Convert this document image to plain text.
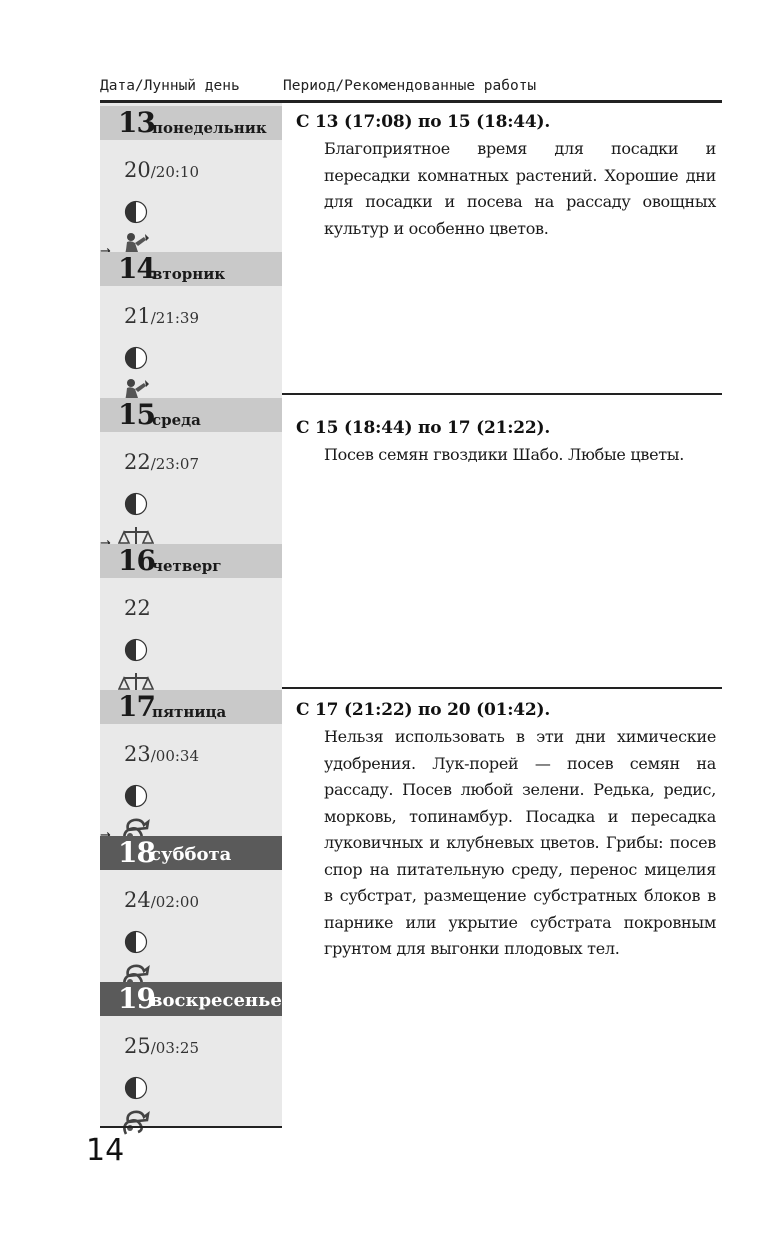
Дата/Лунный день	Период/Рекомендованные работы
13
понедельник
20/20:10
14
вторник
21/21:39
15
среда
22/23:07
16
четверг
22
17
пятница
23/00:34
18
суббота
24/02:00
19
воскресенье
25/03:25

С 13 (17:08) по 15 (18:44).

Благоприятное время для посадки и пересадки комнатных растений. Хорошие дни для посадки и посева на рассаду овощных культур и особенно цветов.

С 15 (18:44) по 17 (21:22).

Посев семян гвоздики Шабо. Любые цветы.

С 17 (21:22) по 20 (01:42).

Нельзя использовать в эти дни химические удобрения. Лук-порей — посев семян на рассаду. Посев любой зелени. Редька, редис, морковь, топинамбур. Посадка и пересадка луковичных и клубневых цветов. Грибы: посев спор на питательную среду, перенос мицелия в субстрат, размещение субстратных блоков в парнике или укрытие субстрата покровным грунтом для выгонки плодовых тел.

14
